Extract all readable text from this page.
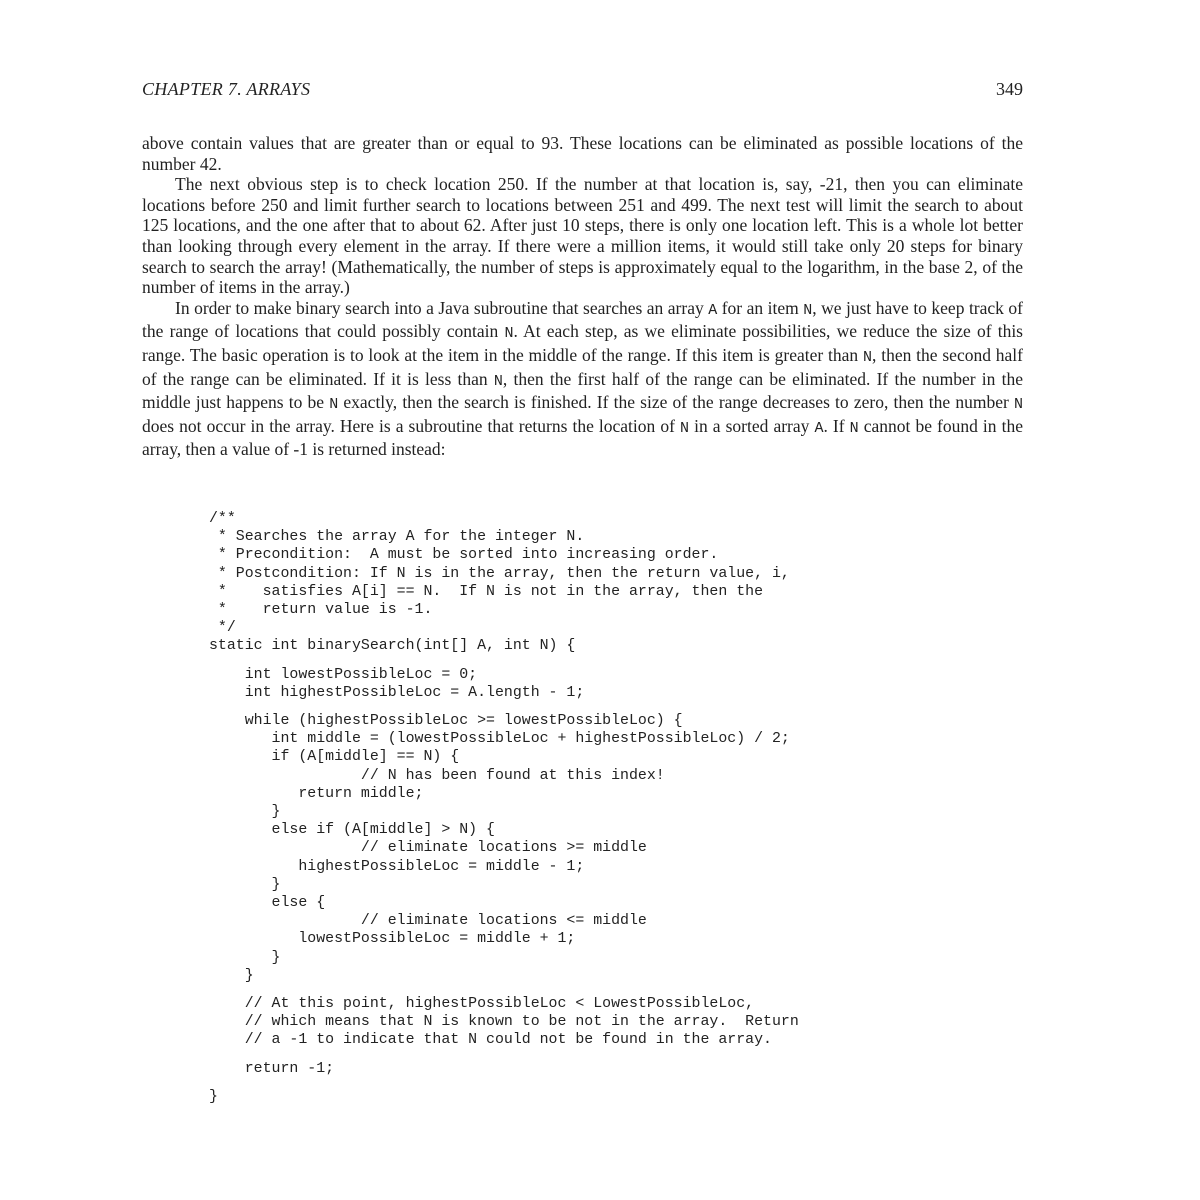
CHAPTER 7. ARRAYS	349

above contain values that are greater than or equal to 93. These locations can be eliminated as possible locations of the number 42.

The next obvious step is to check location 250. If the number at that location is, say, -21, then you can eliminate locations before 250 and limit further search to locations between 251 and 499. The next test will limit the search to about 125 locations, and the one after that to about 62. After just 10 steps, there is only one location left. This is a whole lot better than looking through every element in the array. If there were a million items, it would still take only 20 steps for binary search to search the array! (Mathematically, the number of steps is approximately equal to the logarithm, in the base 2, of the number of items in the array.)

In order to make binary search into a Java subroutine that searches an array A for an item N, we just have to keep track of the range of locations that could possibly contain N. At each step, as we eliminate possibilities, we reduce the size of this range. The basic operation is to look at the item in the middle of the range. If this item is greater than N, then the second half of the range can be eliminated. If it is less than N, then the first half of the range can be eliminated. If the number in the middle just happens to be N exactly, then the search is finished. If the size of the range decreases to zero, then the number N does not occur in the array. Here is a subroutine that returns the location of N in a sorted array A. If N cannot be found in the array, then a value of -1 is returned instead:

/**
* Searches the array A for the integer N.
* Precondition:  A must be sorted into increasing order.
* Postcondition: If N is in the array, then the return value, i,
*    satisfies A[i] == N.  If N is not in the array, then the
*    return value is -1.
*/
static int binarySearch(int[] A, int N) {

int lowestPossibleLoc = 0;
int highestPossibleLoc = A.length - 1;

while (highestPossibleLoc >= lowestPossibleLoc) {
int middle = (lowestPossibleLoc + highestPossibleLoc) / 2;
if (A[middle] == N) {
// N has been found at this index!
return middle;
}
else if (A[middle] > N) {
// eliminate locations >= middle
highestPossibleLoc = middle - 1;
}
else {
// eliminate locations <= middle
lowestPossibleLoc = middle + 1;
}
}

// At this point, highestPossibleLoc < LowestPossibleLoc,
// which means that N is known to be not in the array.  Return
// a -1 to indicate that N could not be found in the array.

return -1;

}
